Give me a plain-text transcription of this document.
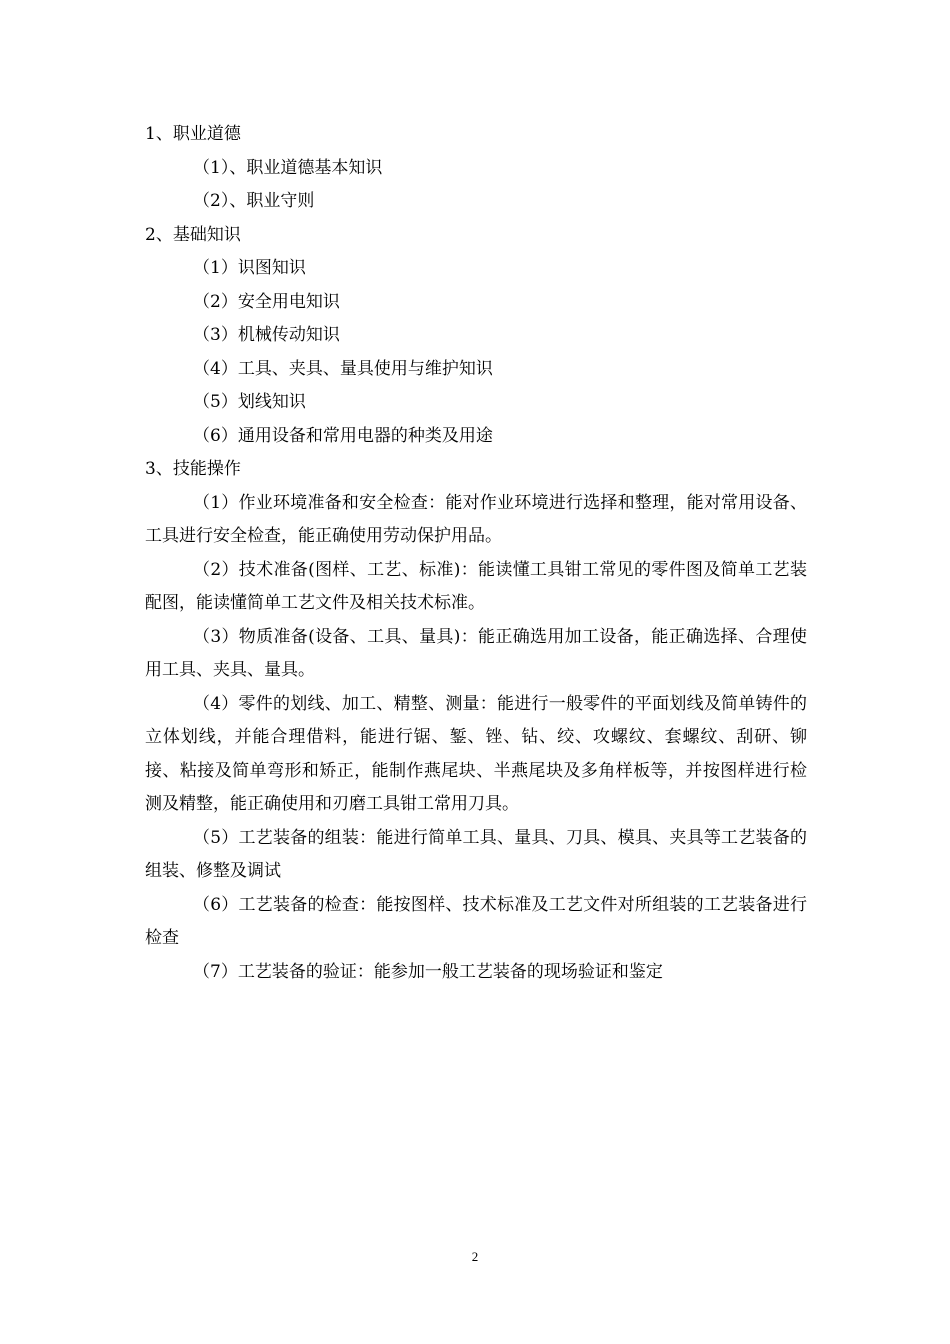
1、职业道德

（1）、职业道德基本知识

（2）、职业守则

2、基础知识

（1）识图知识

（2）安全用电知识

（3）机械传动知识

（4）工具、夹具、量具使用与维护知识

（5）划线知识

（6）通用设备和常用电器的种类及用途

3、技能操作

（1）作业环境准备和安全检查：能对作业环境进行选择和整理，能对常用设备、工具进行安全检查，能正确使用劳动保护用品。

（2）技术准备(图样、工艺、标准)：能读懂工具钳工常见的零件图及简单工艺装配图，能读懂简单工艺文件及相关技术标准。

（3）物质准备(设备、工具、量具)：能正确选用加工设备，能正确选择、合理使用工具、夹具、量具。

（4）零件的划线、加工、精整、测量：能进行一般零件的平面划线及简单铸件的立体划线，并能合理借料，能进行锯、錾、锉、钻、绞、攻螺纹、套螺纹、刮研、铆接、粘接及简单弯形和矫正，能制作燕尾块、半燕尾块及多角样板等，并按图样进行检测及精整，能正确使用和刃磨工具钳工常用刀具。

（5）工艺装备的组装：能进行简单工具、量具、刀具、模具、夹具等工艺装备的组装、修整及调试

（6）工艺装备的检查：能按图样、技术标准及工艺文件对所组装的工艺装备进行检查

（7）工艺装备的验证：能参加一般工艺装备的现场验证和鉴定

2
